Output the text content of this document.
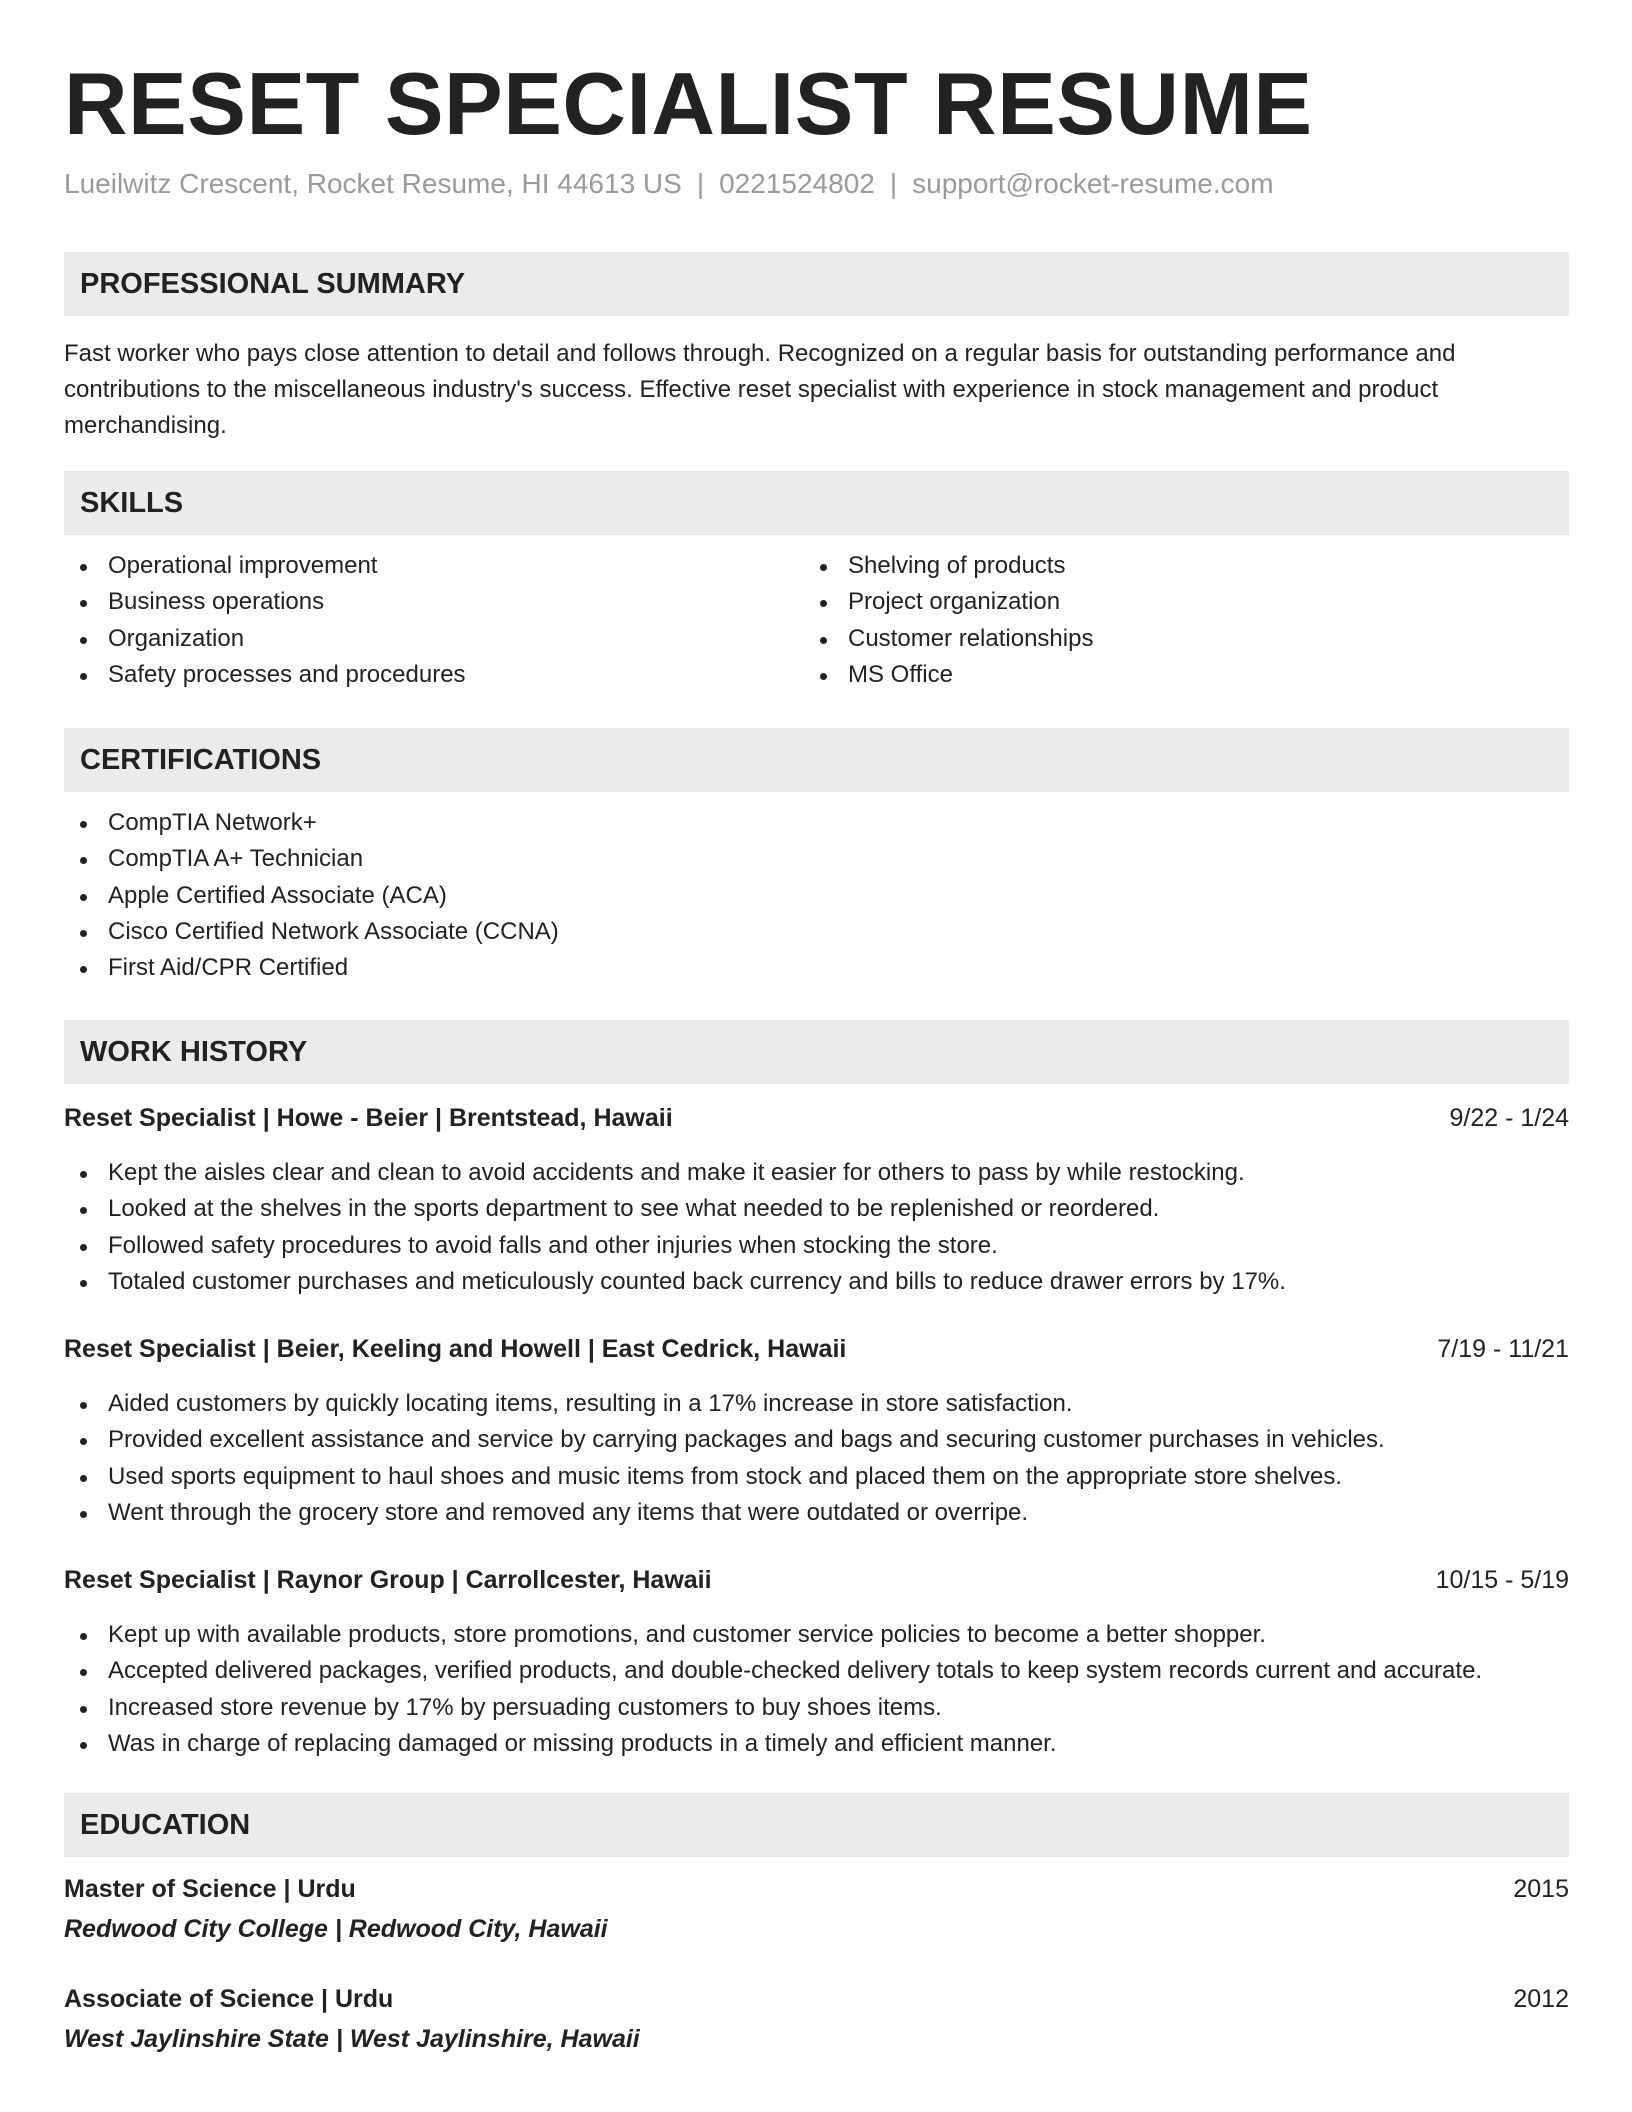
RESET SPECIALIST RESUME
Lueilwitz Crescent, Rocket Resume, HI 44613 US | 0221524802 | support@rocket-resume.com
PROFESSIONAL SUMMARY

Fast worker who pays close attention to detail and follows through. Recognized on a regular basis for outstanding performance and contributions to the miscellaneous industry's success. Effective reset specialist with experience in stock management and product merchandising.

SKILLS
Operational improvement
Business operations
Organization
Safety processes and procedures
Shelving of products
Project organization
Customer relationships
MS Office
CERTIFICATIONS
CompTIA Network+
CompTIA A+ Technician
Apple Certified Associate (ACA)
Cisco Certified Network Associate (CCNA)
First Aid/CPR Certified
WORK HISTORY
Reset Specialist | Howe - Beier | Brentstead, Hawaii	9/22 - 1/24
Kept the aisles clear and clean to avoid accidents and make it easier for others to pass by while restocking.
Looked at the shelves in the sports department to see what needed to be replenished or reordered.
Followed safety procedures to avoid falls and other injuries when stocking the store.
Totaled customer purchases and meticulously counted back currency and bills to reduce drawer errors by 17%.
Reset Specialist | Beier, Keeling and Howell | East Cedrick, Hawaii	7/19 - 11/21
Aided customers by quickly locating items, resulting in a 17% increase in store satisfaction.
Provided excellent assistance and service by carrying packages and bags and securing customer purchases in vehicles.
Used sports equipment to haul shoes and music items from stock and placed them on the appropriate store shelves.
Went through the grocery store and removed any items that were outdated or overripe.
Reset Specialist | Raynor Group | Carrollcester, Hawaii	10/15 - 5/19
Kept up with available products, store promotions, and customer service policies to become a better shopper.
Accepted delivered packages, verified products, and double-checked delivery totals to keep system records current and accurate.
Increased store revenue by 17% by persuading customers to buy shoes items.
Was in charge of replacing damaged or missing products in a timely and efficient manner.
EDUCATION
Master of Science | Urdu	2015
Redwood City College | Redwood City, Hawaii
Associate of Science | Urdu	2012
West Jaylinshire State | West Jaylinshire, Hawaii
